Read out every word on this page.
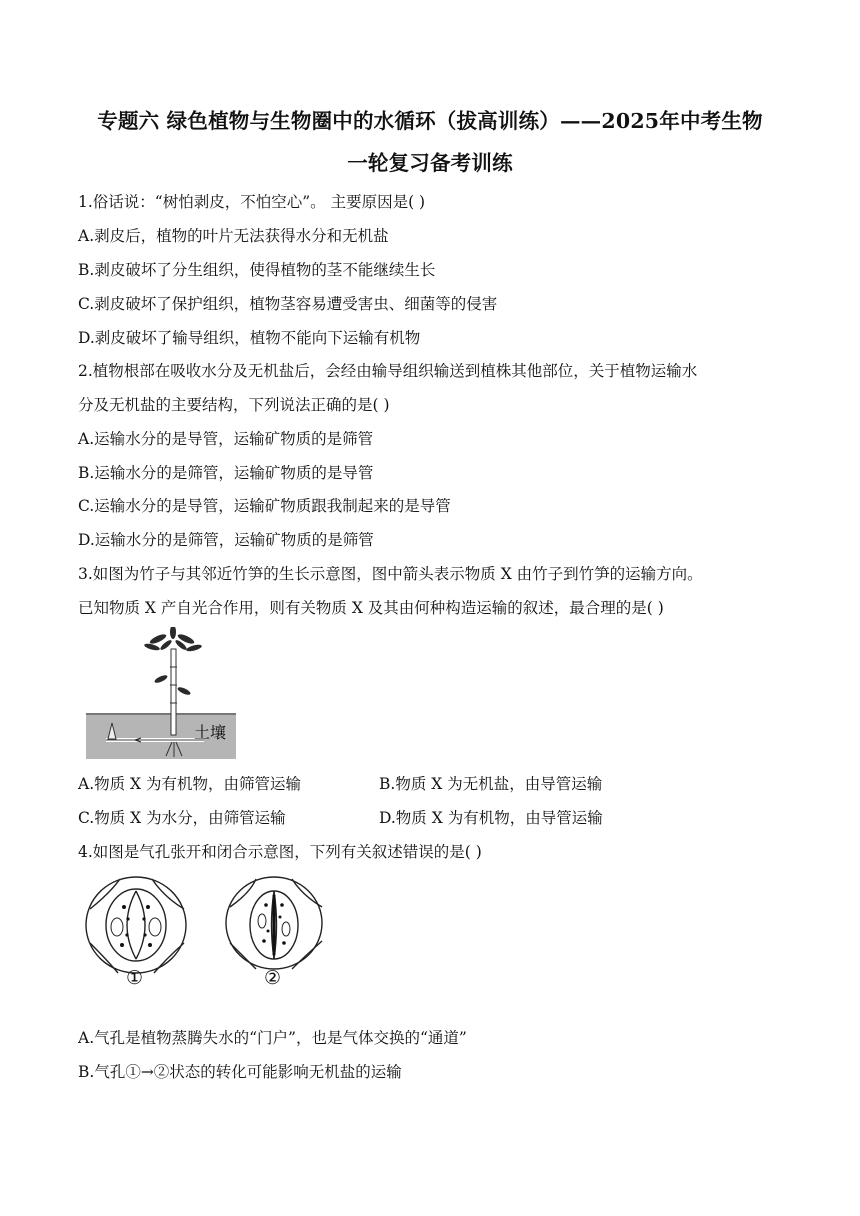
专题六 绿色植物与生物圈中的水循环（拔高训练）——2025年中考生物
一轮复习备考训练
1.俗话说：“树怕剥皮，不怕空心”。 主要原因是( )
A.剥皮后，植物的叶片无法获得水分和无机盐
B.剥皮破坏了分生组织，使得植物的茎不能继续生长
C.剥皮破坏了保护组织，植物茎容易遭受害虫、细菌等的侵害
D.剥皮破坏了输导组织，植物不能向下运输有机物
2.植物根部在吸收水分及无机盐后，会经由输导组织输送到植株其他部位，关于植物运输水
分及无机盐的主要结构，下列说法正确的是( )
A.运输水分的是导管，运输矿物质的是筛管
B.运输水分的是筛管，运输矿物质的是导管
C.运输水分的是导管，运输矿物质跟我制起来的是导管
D.运输水分的是筛管，运输矿物质的是筛管
3.如图为竹子与其邻近竹笋的生长示意图，图中箭头表示物质 X 由竹子到竹笋的运输方向。
已知物质 X 产自光合作用，则有关物质 X 及其由何种构造运输的叙述，最合理的是( )
土壤
A.物质 X 为有机物，由筛管运输	B.物质 X 为无机盐，由导管运输
C.物质 X 为水分，由筛管运输	D.物质 X 为有机物，由导管运输
4.如图是气孔张开和闭合示意图，下列有关叙述错误的是( )
①	②
A.气孔是植物蒸腾失水的“门户”，也是气体交换的“通道”
B.气孔①→②状态的转化可能影响无机盐的运输
